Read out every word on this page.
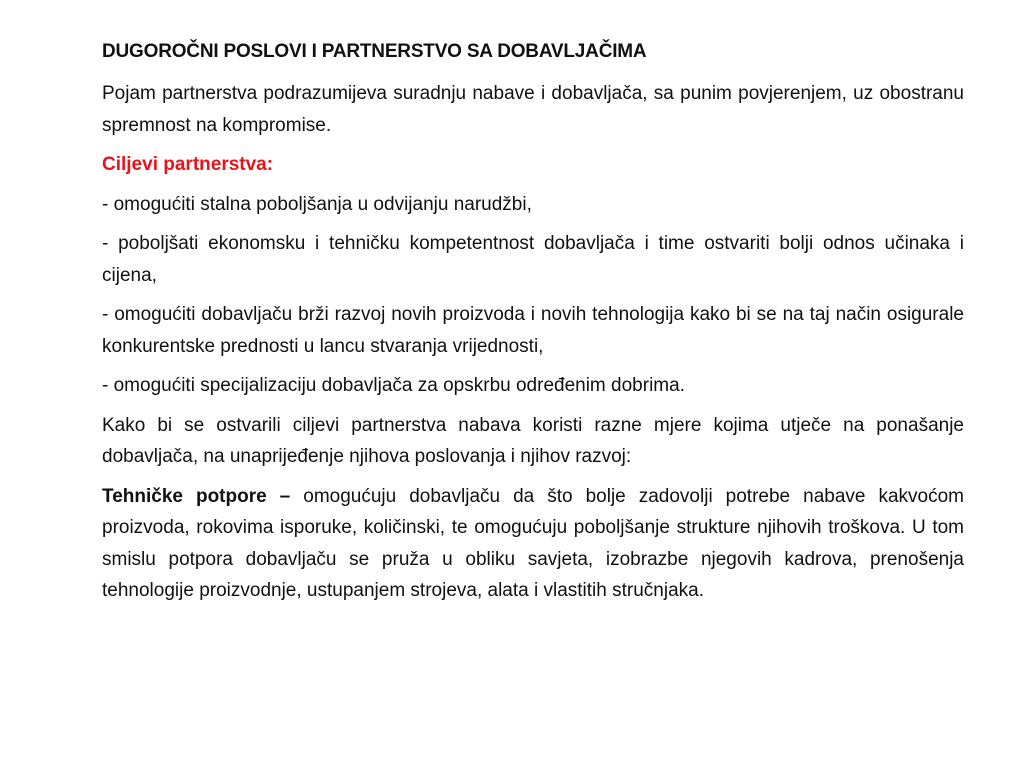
DUGOROČNI POSLOVI I PARTNERSTVO SA DOBAVLJAČIMA

Pojam partnerstva podrazumijeva suradnju nabave i dobavljača, sa punim povjerenjem, uz obostranu spremnost na kompromise.

Ciljevi partnerstva:

- omogućiti stalna poboljšanja u odvijanju narudžbi,

- poboljšati ekonomsku i tehničku kompetentnost dobavljača i time ostvariti bolji odnos učinaka i cijena,

- omogućiti dobavljaču brži razvoj novih proizvoda i novih tehnologija kako bi se na taj način osigurale konkurentske prednosti u lancu stvaranja vrijednosti,

- omogućiti specijalizaciju dobavljača za opskrbu određenim dobrima.

Kako bi se ostvarili ciljevi partnerstva nabava koristi razne mjere kojima utječe na ponašanje dobavljača, na unaprijeđenje njihova poslovanja i njihov razvoj:

Tehničke potpore – omogućuju dobavljaču da što bolje zadovolji potrebe nabave kakvoćom proizvoda, rokovima isporuke, količinski, te omogućuju poboljšanje strukture njihovih troškova. U tom smislu potpora dobavljaču se pruža u obliku savjeta, izobrazbe njegovih kadrova, prenošenja tehnologije proizvodnje, ustupanjem strojeva, alata i vlastitih stručnjaka.
